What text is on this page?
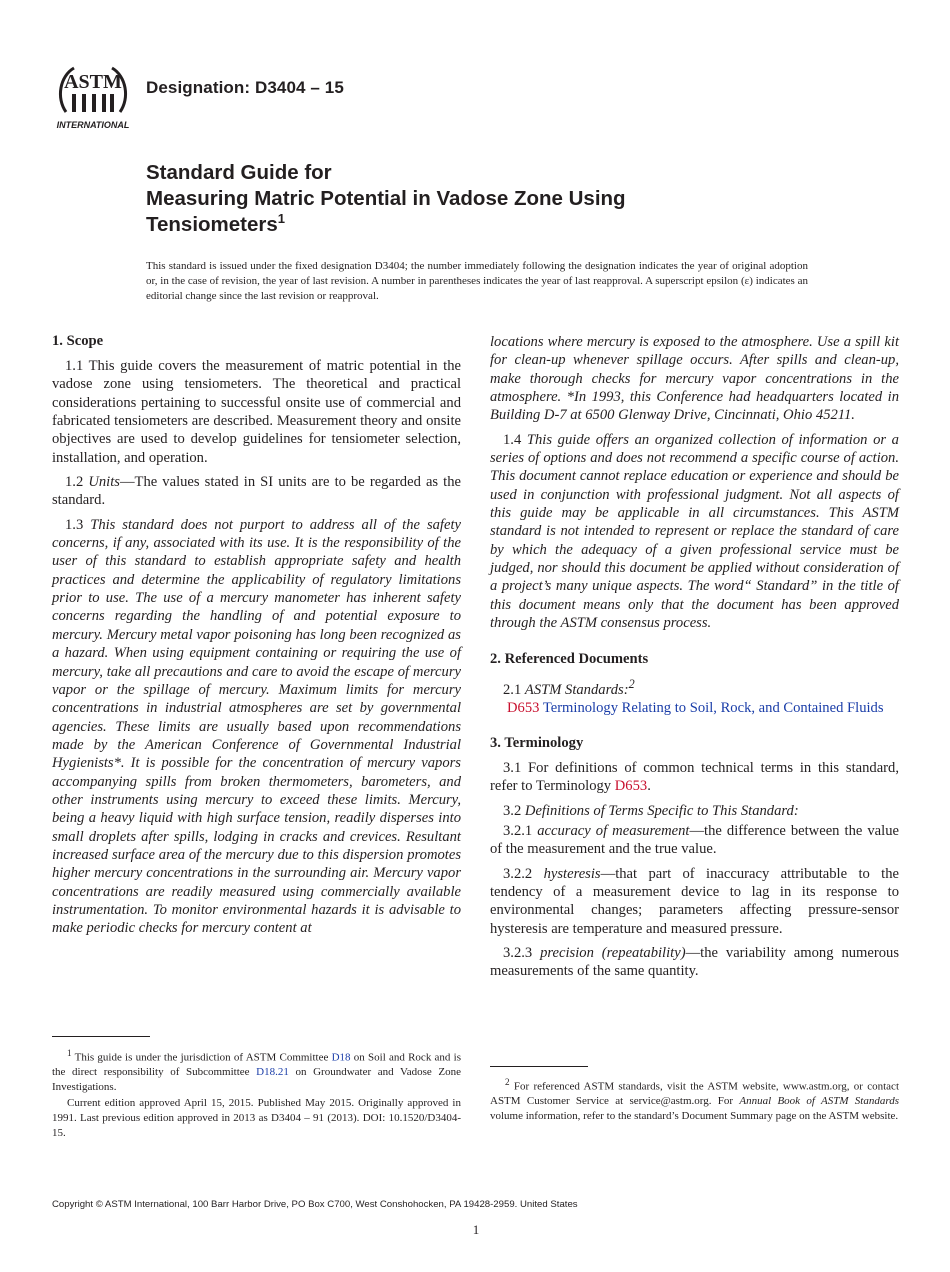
ASTM
INTERNATIONAL
Designation: D3404 – 15
Standard Guide for
Measuring Matric Potential in Vadose Zone Using
Tensiometers$^1$
This standard is issued under the fixed designation D3404; the number immediately following the designation indicates the year of original adoption or, in the case of revision, the year of last revision. A number in parentheses indicates the year of last reapproval. A superscript epsilon (ε) indicates an editorial change since the last revision or reapproval.
1. Scope

1.1 This guide covers the measurement of matric potential in the vadose zone using tensiometers. The theoretical and practical considerations pertaining to successful onsite use of commercial and fabricated tensiometers are described. Measurement theory and onsite objectives are used to develop guidelines for tensiometer selection, installation, and operation.

1.2 Units—The values stated in SI units are to be regarded as the standard.

1.3 This standard does not purport to address all of the safety concerns, if any, associated with its use. It is the responsibility of the user of this standard to establish appropriate safety and health practices and determine the applicability of regulatory limitations prior to use. The use of a mercury manometer has inherent safety concerns regarding the handling of and potential exposure to mercury. Mercury metal vapor poisoning has long been recognized as a hazard. When using equipment containing or requiring the use of mercury, take all precautions and care to avoid the escape of mercury vapor or the spillage of mercury. Maximum limits for mercury concentrations in industrial atmospheres are set by governmental agencies. These limits are usually based upon recommendations made by the American Conference of Governmental Industrial Hygienists*. It is possible for the concentration of mercury vapors accompanying spills from broken thermometers, barometers, and other instruments using mercury to exceed these limits. Mercury, being a heavy liquid with high surface tension, readily disperses into small droplets after spills, lodging in cracks and crevices. Resultant increased surface area of the mercury due to this dispersion promotes higher mercury concentrations in the surrounding air. Mercury vapor concentrations are readily measured using commercially available instrumentation. To monitor environmental hazards it is advisable to make periodic checks for mercury content at

$^1$ This guide is under the jurisdiction of ASTM Committee D18 on Soil and Rock and is the direct responsibility of Subcommittee D18.21 on Groundwater and Vadose Zone Investigations.

Current edition approved April 15, 2015. Published May 2015. Originally approved in 1991. Last previous edition approved in 2013 as D3404 – 91 (2013). DOI: 10.1520/D3404-15.

locations where mercury is exposed to the atmosphere. Use a spill kit for clean-up whenever spillage occurs. After spills and clean-up, make thorough checks for mercury vapor concentrations in the atmosphere. *In 1993, this Conference had headquarters located in Building D-7 at 6500 Glenway Drive, Cincinnati, Ohio 45211.

1.4 This guide offers an organized collection of information or a series of options and does not recommend a specific course of action. This document cannot replace education or experience and should be used in conjunction with professional judgment. Not all aspects of this guide may be applicable in all circumstances. This ASTM standard is not intended to represent or replace the standard of care by which the adequacy of a given professional service must be judged, nor should this document be applied without consideration of a project’s many unique aspects. The word“ Standard” in the title of this document means only that the document has been approved through the ASTM consensus process.

2. Referenced Documents

2.1 ASTM Standards:$^2$

D653 Terminology Relating to Soil, Rock, and Contained Fluids

3. Terminology

3.1 For definitions of common technical terms in this standard, refer to Terminology D653.

3.2 Definitions of Terms Specific to This Standard:

3.2.1 accuracy of measurement—the difference between the value of the measurement and the true value.

3.2.2 hysteresis—that part of inaccuracy attributable to the tendency of a measurement device to lag in its response to environmental changes; parameters affecting pressure-sensor hysteresis are temperature and measured pressure.

3.2.3 precision (repeatability)—the variability among numerous measurements of the same quantity.

$^2$ For referenced ASTM standards, visit the ASTM website, www.astm.org, or contact ASTM Customer Service at service@astm.org. For Annual Book of ASTM Standards volume information, refer to the standard’s Document Summary page on the ASTM website.

Copyright © ASTM International, 100 Barr Harbor Drive, PO Box C700, West Conshohocken, PA 19428-2959. United States
1
